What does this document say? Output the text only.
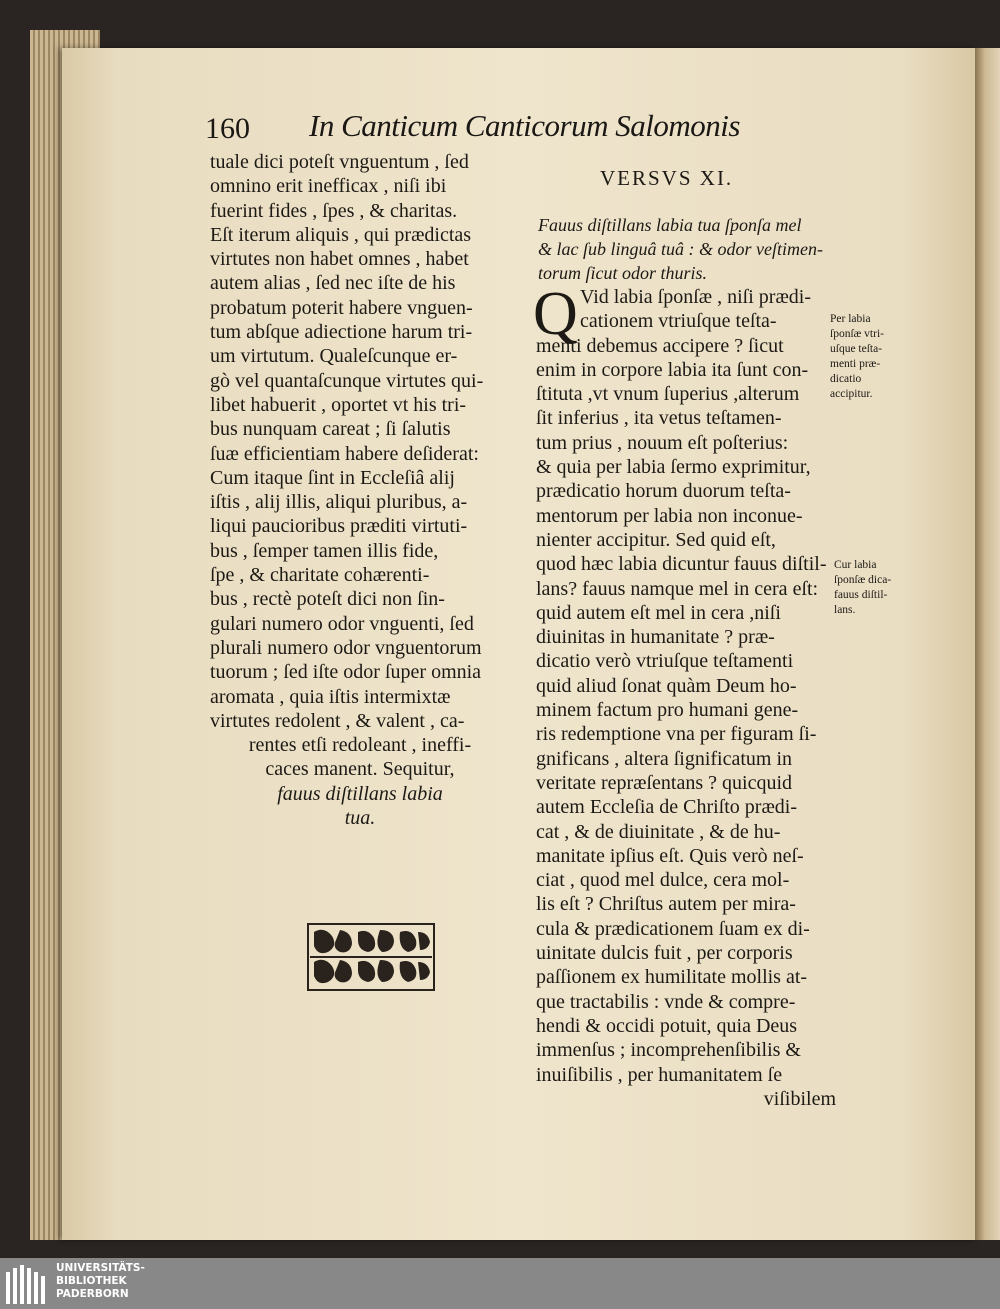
160 In Canticum Canticorum Salomonis
tuale dici poteſt vnguentum , ſed
omnino erit inefficax , niſi ibi
fuerint fides , ſpes , & charitas.
Eſt iterum aliquis , qui prædictas
virtutes non habet omnes , habet
autem alias , ſed nec iſte de his
probatum poterit habere vnguen-
tum abſque adiectione harum tri-
um virtutum. Qualeſcunque er-
gò vel quantaſcunque virtutes qui-
libet habuerit , oportet vt his tri-
bus nunquam careat ; ſi ſalutis
ſuæ efficientiam habere deſiderat:
Cum itaque ſint in Eccleſiâ alij
iſtis , alij illis, aliqui pluribus, a-
liqui paucioribus præditi virtuti-
bus , ſemper tamen illis fide,
ſpe , & charitate cohærenti-
bus , rectè poteſt dici non ſin-
gulari numero odor vnguenti, ſed
plurali numero odor vnguentorum
tuorum ; ſed iſte odor ſuper omnia
aromata , quia iſtis intermixtæ
virtutes redolent , & valent , ca-
rentes etſi redoleant , ineffi-
caces manent. Sequitur,
fauus diſtillans labia
tua.
VERSVS XI.
Fauus diſtillans labia tua ſponſa mel
& lac ſub linguâ tuâ : & odor veſtimen-
torum ſicut odor thuris.
Q Vid labia ſponſæ , niſi prædi-
cationem vtriuſque teſta-
menti debemus accipere ? ſicut
enim in corpore labia ita ſunt con-
ſtituta ,vt vnum ſuperius ,alterum
ſit inferius , ita vetus teſtamen-
tum prius , nouum eſt poſterius:
& quia per labia ſermo exprimitur,
prædicatio horum duorum teſta-
mentorum per labia non inconue-
nienter accipitur. Sed quid eſt,
quod hæc labia dicuntur fauus diſtil-
lans? fauus namque mel in cera eſt:
quid autem eſt mel in cera ,niſi
diuinitas in humanitate ? præ-
dicatio verò vtriuſque teſtamenti
quid aliud ſonat quàm Deum ho-
minem factum pro humani gene-
ris redemptione vna per figuram ſi-
gnificans , altera ſignificatum in
veritate repræſentans ? quicquid
autem Eccleſia de Chriſto prædi-
cat , & de diuinitate , & de hu-
manitate ipſius eſt. Quis verò neſ-
ciat , quod mel dulce, cera mol-
lis eſt ? Chriſtus autem per mira-
cula & prædicationem ſuam ex di-
uinitate dulcis fuit , per corporis
paſſionem ex humilitate mollis at-
que tractabilis : vnde & compre-
hendi & occidi potuit, quia Deus
immenſus ; incomprehenſibilis &
inuiſibilis , per humanitatem ſe
viſibilem
Per labia
ſponſæ vtri-
uſque teſta-
menti præ-
dicatio
accipitur.
Cur labia
ſponſæ dica-
fauus diſtil-
lans.
UNIVERSITÄTS-
BIBLIOTHEK
PADERBORN
